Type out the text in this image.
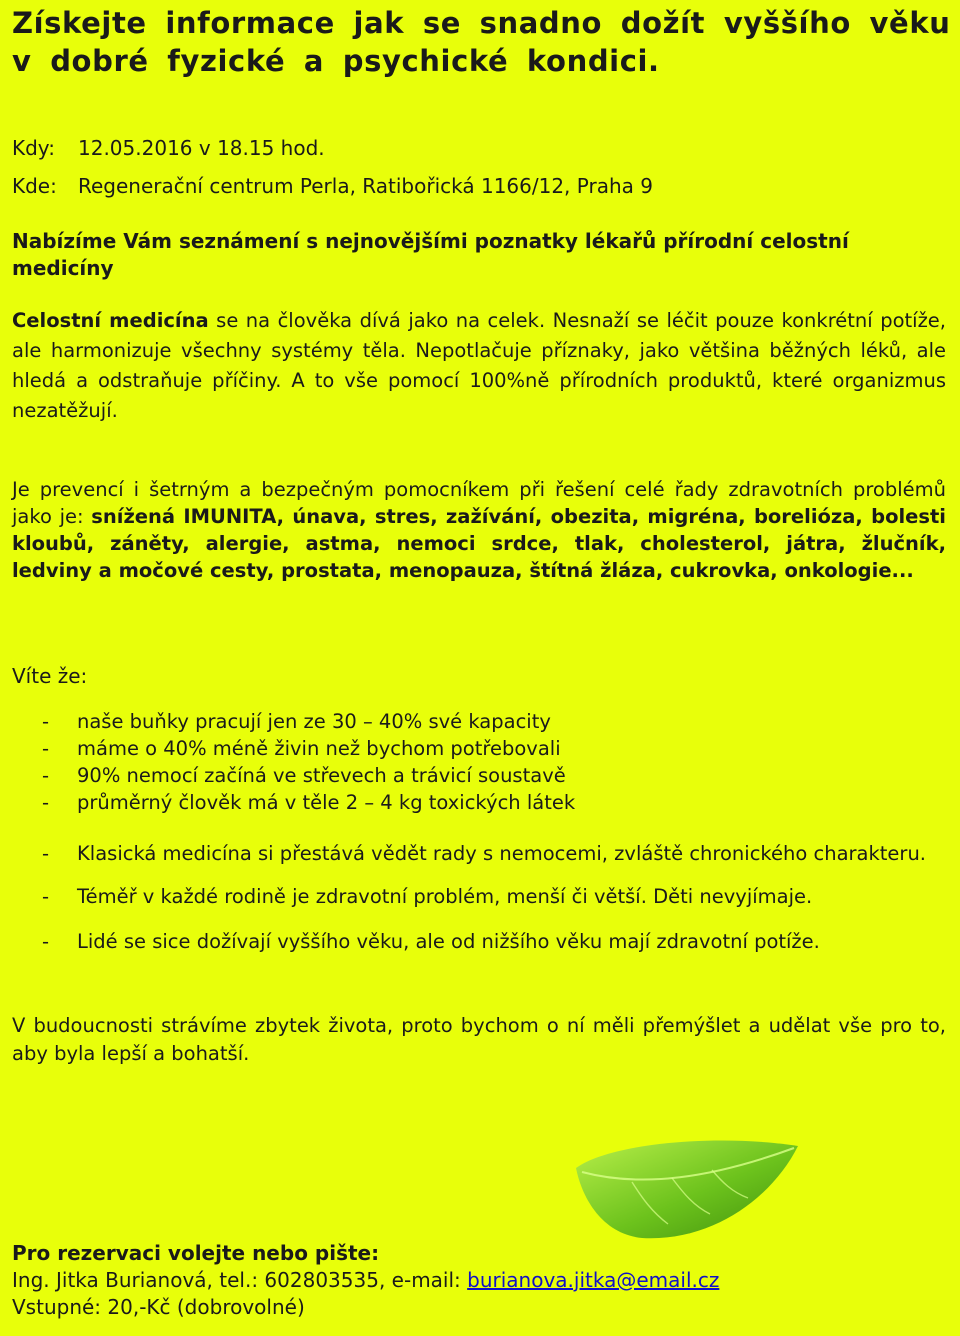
Získejte informace jak se snadno dožít vyššího věku
v dobré fyzické a psychické kondici.
Kdy: 12.05.2016 v 18.15 hod.
Kde: Regenerační centrum Perla, Ratibořická 1166/12, Praha 9
Nabízíme Vám seznámení s nejnovějšími poznatky lékařů přírodní celostní medicíny
Celostní medicína se na člověka dívá jako na celek. Nesnaží se léčit pouze konkrétní potíže, ale harmonizuje všechny systémy těla. Nepotlačuje příznaky, jako většina běžných léků, ale hledá a odstraňuje příčiny. A to vše pomocí 100%ně přírodních produktů, které organizmus nezatěžují.
Je prevencí i šetrným a bezpečným pomocníkem při řešení celé řady zdravotních problémů jako je: snížená IMUNITA, únava, stres, zažívání, obezita, migréna, borelióza, bolesti kloubů, záněty, alergie, astma, nemoci srdce, tlak, cholesterol, játra, žlučník, ledviny a močové cesty, prostata, menopauza, štítná žláza, cukrovka, onkologie...
Víte že:
- naše buňky pracují jen ze 30 – 40% své kapacity
- máme o 40% méně živin než bychom potřebovali
- 90% nemocí začíná ve střevech a trávicí soustavě
- průměrný člověk má v těle 2 – 4 kg toxických látek
- Klasická medicína si přestává vědět rady s nemocemi, zvláště chronického charakteru.
- Téměř v každé rodině je zdravotní problém, menší či větší. Děti nevyjímaje.
- Lidé se sice dožívají vyššího věku, ale od nižšího věku mají zdravotní potíže.
V budoucnosti strávíme zbytek života, proto bychom o ní měli přemýšlet a udělat vše pro to, aby byla lepší a bohatší.
Pro rezervaci volejte nebo pište:
Ing. Jitka Burianová, tel.: 602803535, e-mail: burianova.jitka@email.cz
Vstupné: 20,-Kč (dobrovolné)
